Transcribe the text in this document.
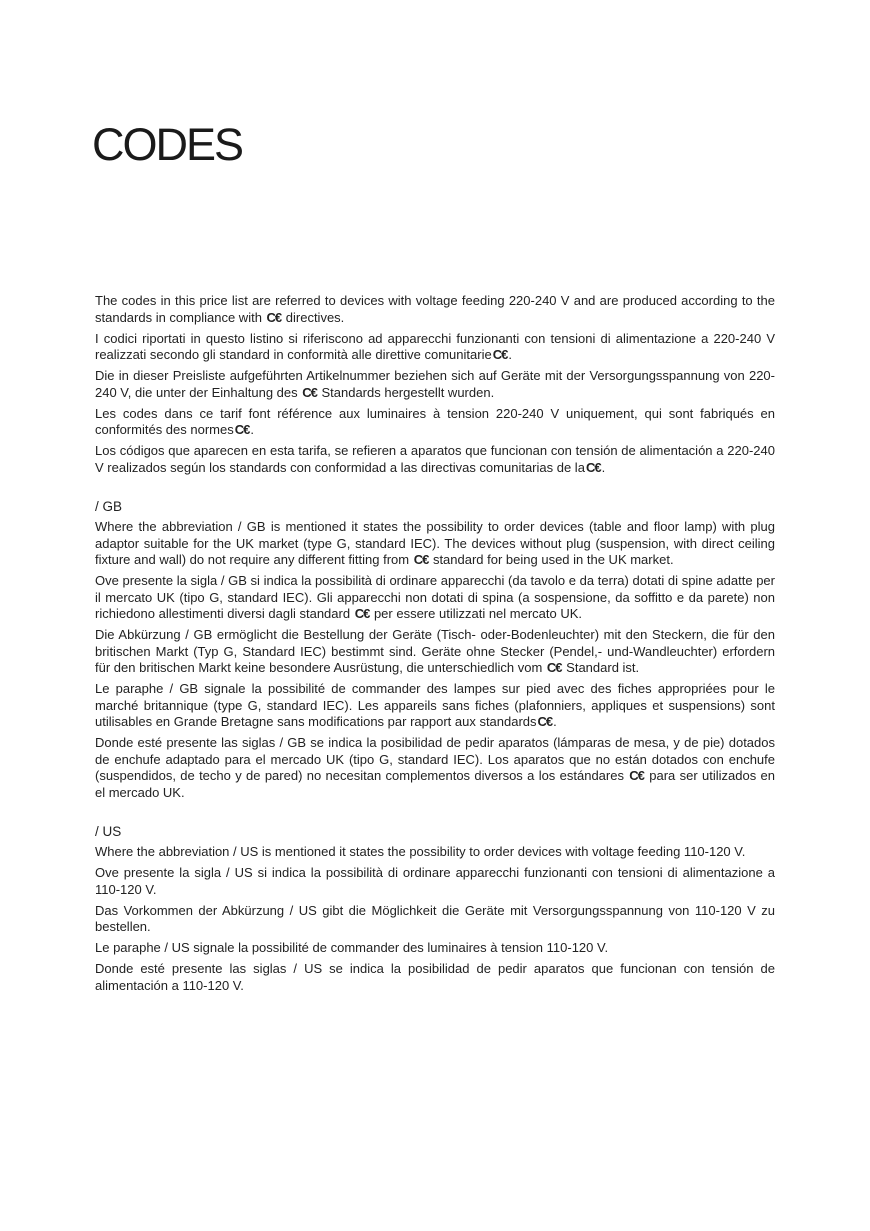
CODES

The codes in this price list are referred to devices with voltage feeding 220-240 V and are produced according to the standards in compliance with C€ directives.

I codici riportati in questo listino si riferiscono ad apparecchi funzionanti con tensioni di alimentazione a 220-240 V realizzati secondo gli standard in conformità alle direttive comunitarieC€.

Die in dieser Preisliste aufgeführten Artikelnummer beziehen sich auf Geräte mit der Versorgungsspannung von 220-240 V, die unter der Einhaltung des C€ Standards hergestellt wurden.

Les codes dans ce tarif font référence aux luminaires à tension 220-240 V uniquement, qui sont fabriqués en conformités des normesC€.

Los códigos que aparecen en esta tarifa, se refieren a aparatos que funcionan con tensión de alimentación a 220-240 V realizados según los standards con conformidad a las directivas comunitarias de laC€.

/ GB

Where the abbreviation / GB is mentioned it states the possibility to order devices (table and floor lamp) with plug adaptor suitable for the UK market (type G, standard IEC). The devices without plug (suspension, with direct ceiling fixture and wall) do not require any different fitting from C€ standard for being used in the UK market.

Ove presente la sigla / GB si indica la possibilità di ordinare apparecchi (da tavolo e da terra) dotati di spine adatte per il mercato UK (tipo G, standard IEC). Gli apparecchi non dotati di spina (a sospensione, da soffitto e da parete) non richiedono allestimenti diversi dagli standard C€ per essere utilizzati nel mercato UK.

Die Abkürzung / GB ermöglicht die Bestellung der Geräte (Tisch- oder-Bodenleuchter) mit den Steckern, die für den britischen Markt (Typ G, Standard IEC) bestimmt sind. Geräte ohne Stecker (Pendel,- und-Wandleuchter) erfordern für den britischen Markt keine besondere Ausrüstung, die unterschiedlich vom C€ Standard ist.

Le paraphe / GB signale la possibilité de commander des lampes sur pied avec des fiches appropriées pour le marché britannique (type G, standard IEC). Les appareils sans fiches (plafonniers, appliques et suspensions) sont utilisables en Grande Bretagne sans modifications par rapport aux standardsC€.

Donde esté presente las siglas / GB se indica la posibilidad de pedir aparatos (lámparas de mesa, y de pie) dotados de enchufe adaptado para el mercado UK (tipo G, standard IEC). Los aparatos que no están dotados con enchufe (suspendidos, de techo y de pared) no necesitan complementos diversos a los estándares C€ para ser utilizados en el mercado UK.

/ US

Where the abbreviation / US is mentioned it states the possibility to order devices with voltage feeding 110-120 V.

Ove presente la sigla / US si indica la possibilità di ordinare apparecchi funzionanti con tensioni di alimentazione a 110-120 V.

Das Vorkommen der Abkürzung / US gibt die Möglichkeit die Geräte mit Versorgungsspannung von 110-120 V zu bestellen.

Le paraphe / US signale la possibilité de commander des luminaires à tension 110-120 V.

Donde esté presente las siglas / US se indica la posibilidad de pedir aparatos que funcionan con tensión de alimentación a 110-120 V.
